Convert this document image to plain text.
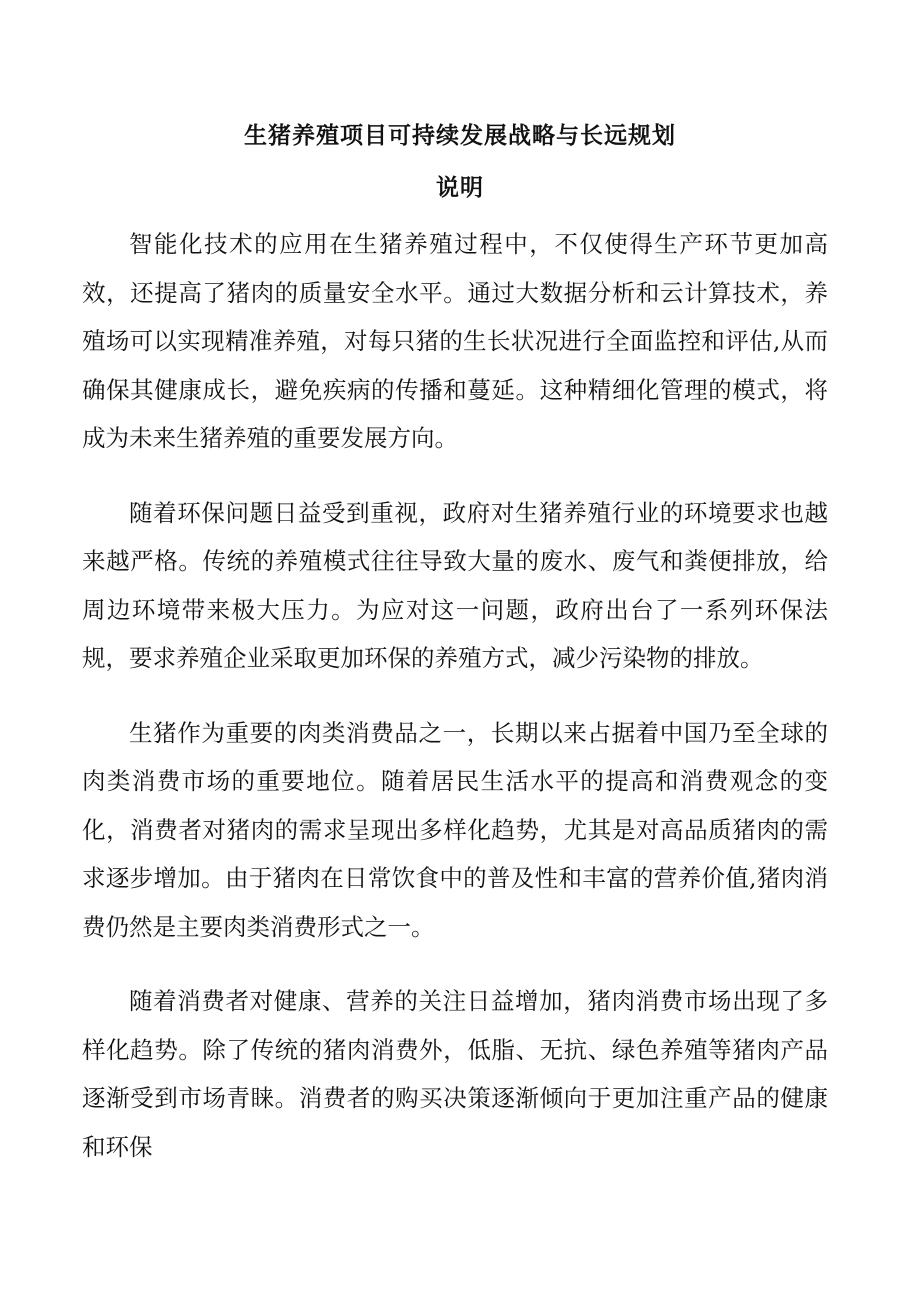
生猪养殖项目可持续发展战略与长远规划
说明

智能化技术的应用在生猪养殖过程中，不仅使得生产环节更加高效，还提高了猪肉的质量安全水平。通过大数据分析和云计算技术，养殖场可以实现精准养殖，对每只猪的生长状况进行全面监控和评估,从而确保其健康成长，避免疾病的传播和蔓延。这种精细化管理的模式，将成为未来生猪养殖的重要发展方向。

随着环保问题日益受到重视，政府对生猪养殖行业的环境要求也越来越严格。传统的养殖模式往往导致大量的废水、废气和粪便排放，给周边环境带来极大压力。为应对这一问题，政府出台了一系列环保法规，要求养殖企业采取更加环保的养殖方式，减少污染物的排放。

生猪作为重要的肉类消费品之一，长期以来占据着中国乃至全球的肉类消费市场的重要地位。随着居民生活水平的提高和消费观念的变化，消费者对猪肉的需求呈现出多样化趋势，尤其是对高品质猪肉的需求逐步增加。由于猪肉在日常饮食中的普及性和丰富的营养价值,猪肉消费仍然是主要肉类消费形式之一。

随着消费者对健康、营养的关注日益增加，猪肉消费市场出现了多样化趋势。除了传统的猪肉消费外，低脂、无抗、绿色养殖等猪肉产品逐渐受到市场青睐。消费者的购买决策逐渐倾向于更加注重产品的健康和环保
